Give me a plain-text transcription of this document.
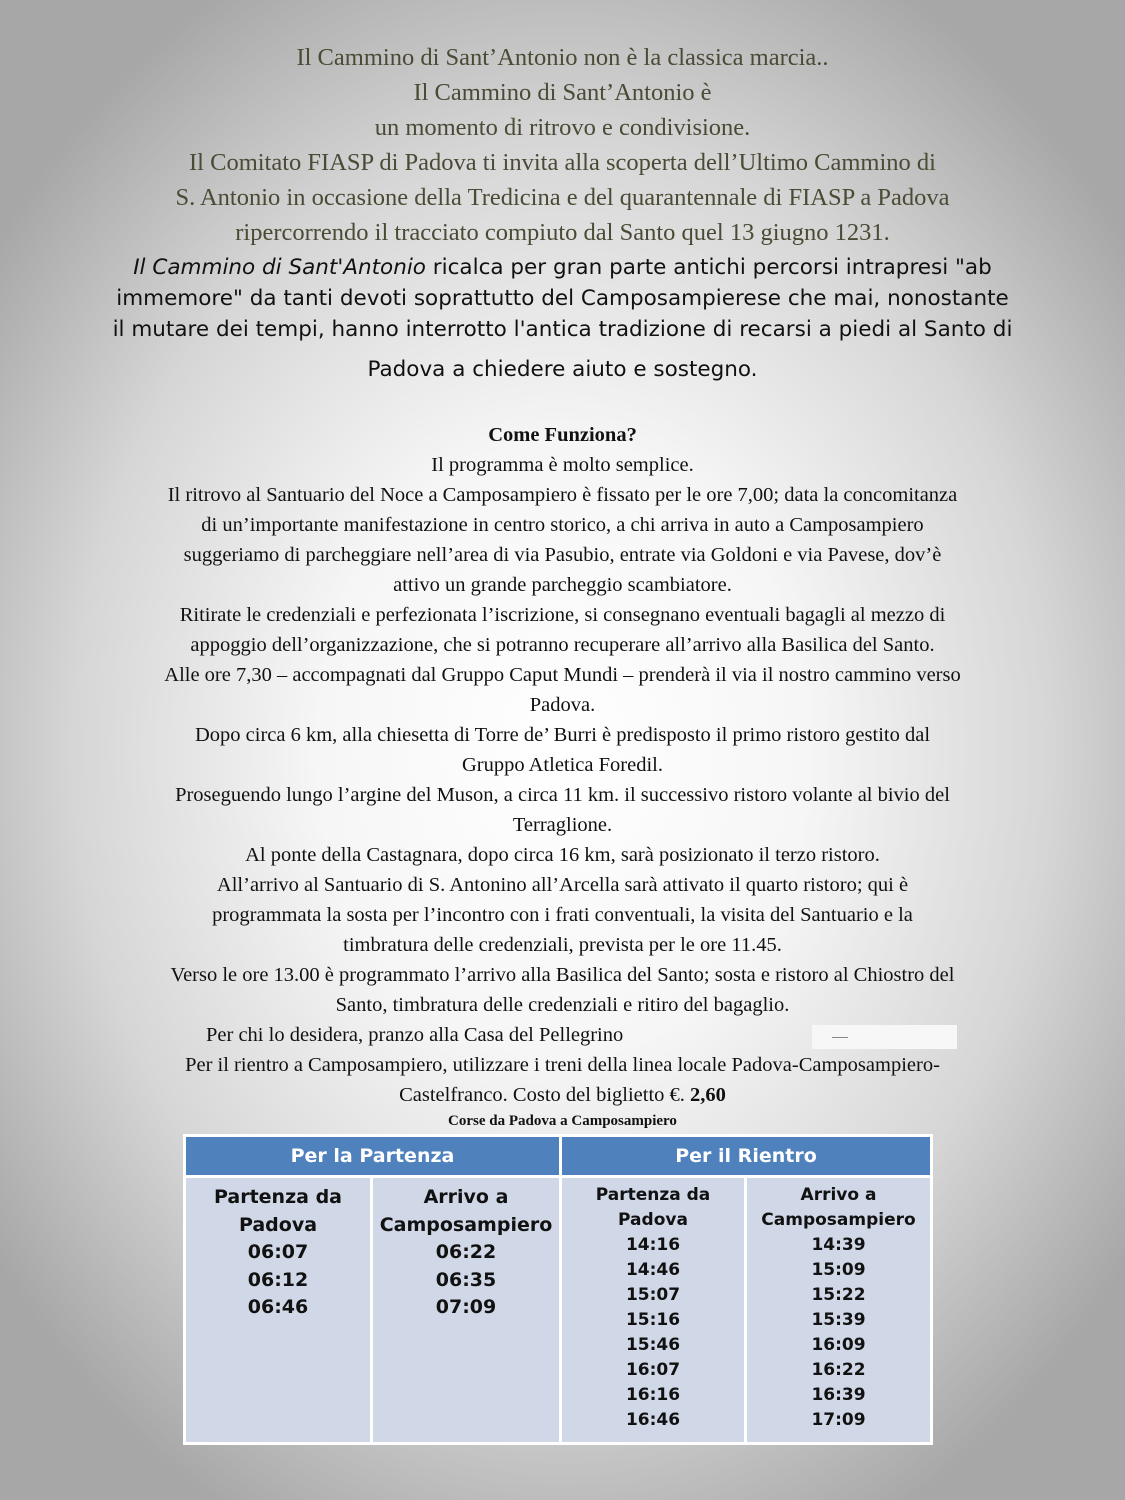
Il Cammino di Sant’Antonio non è la classica marcia..
Il Cammino di Sant’Antonio è
un momento di ritrovo e condivisione.
Il Comitato FIASP di Padova ti invita alla scoperta dell’Ultimo Cammino di
S. Antonio in occasione della Tredicina e del quarantennale di FIASP a Padova
ripercorrendo il tracciato compiuto dal Santo quel 13 giugno 1231.
Il Cammino di Sant'Antonio ricalca per gran parte antichi percorsi intrapresi "ab
immemore" da tanti devoti soprattutto del Camposampierese che mai, nonostante
il mutare dei tempi, hanno interrotto l'antica tradizione di recarsi a piedi al Santo di
Padova a chiedere aiuto e sostegno.
Come Funziona?
Il programma è molto semplice.
Il ritrovo al Santuario del Noce a Camposampiero è fissato per le ore 7,00; data la concomitanza
di un’importante manifestazione in centro storico, a chi arriva in auto a Camposampiero
suggeriamo di parcheggiare nell’area di via Pasubio, entrate via Goldoni e via Pavese, dov’è
attivo un grande parcheggio scambiatore.
Ritirate le credenziali e perfezionata l’iscrizione, si consegnano eventuali bagagli al mezzo di
appoggio dell’organizzazione, che si potranno recuperare all’arrivo alla Basilica del Santo.
Alle ore 7,30 – accompagnati dal Gruppo Caput Mundi – prenderà il via il nostro cammino verso
Padova.
Dopo circa 6 km, alla chiesetta di Torre de’ Burri è predisposto il primo ristoro gestito dal
Gruppo Atletica Foredil.
Proseguendo lungo l’argine del Muson, a circa 11 km. il successivo ristoro volante al bivio del
Terraglione.
Al ponte della Castagnara, dopo circa 16 km, sarà posizionato il terzo ristoro.
All’arrivo al Santuario di S. Antonino all’Arcella sarà attivato il quarto ristoro; qui è
programmata la sosta per l’incontro con i frati conventuali, la visita del Santuario e la
timbratura delle credenziali, prevista per le ore 11.45.
Verso le ore 13.00 è programmato l’arrivo alla Basilica del Santo; sosta e ristoro al Chiostro del
Santo, timbratura delle credenziali e ritiro del bagaglio.
Per chi lo desidera, pranzo alla Casa del Pellegrino
Per il rientro a Camposampiero, utilizzare i treni della linea locale Padova-Camposampiero-
Castelfranco. Costo del biglietto €. 2,60
Corse da Padova a Camposampiero
Per la Partenza	Per il Rientro
Partenza da
Padova
06:07
06:12
06:46
Arrivo a
Camposampiero
06:22
06:35
07:09
Partenza da
Padova
14:16
14:46
15:07
15:16
15:46
16:07
16:16
16:46
Arrivo a
Camposampiero
14:39
15:09
15:22
15:39
16:09
16:22
16:39
17:09
